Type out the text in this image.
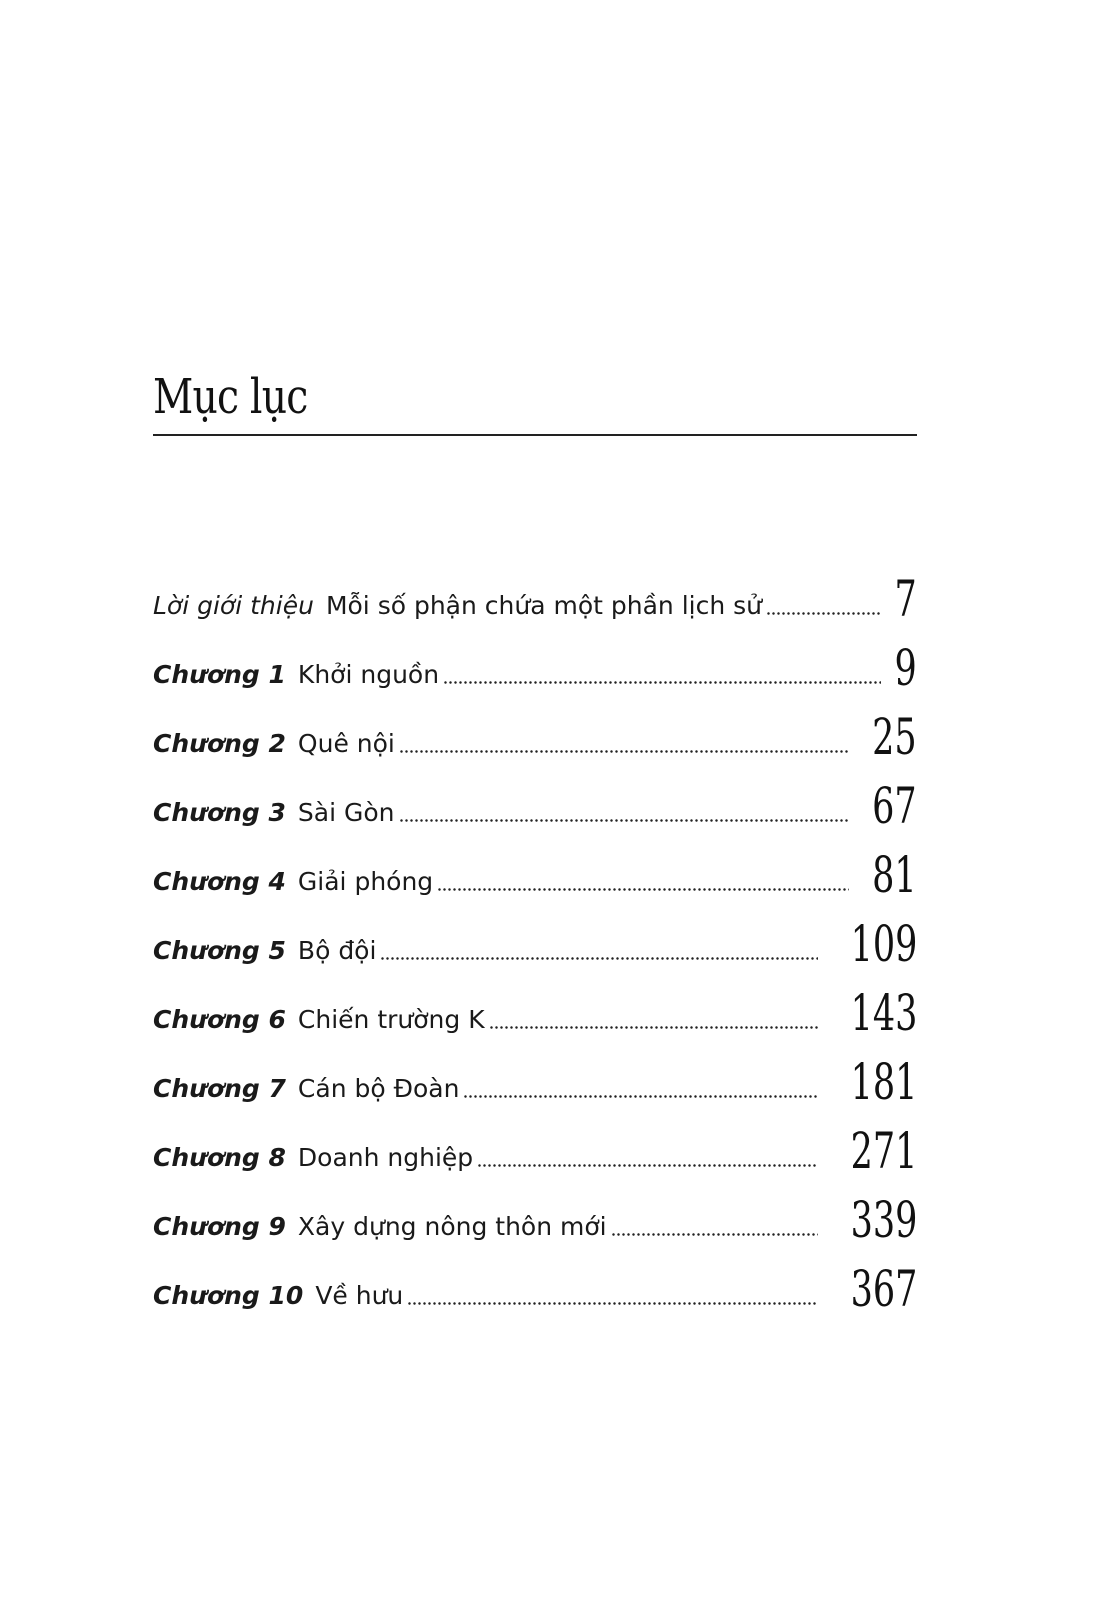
Mục lục
Lời giới thiệu Mỗi số phận chứa một phần lịch sử	7
Chương 1 Khởi nguồn	9
Chương 2 Quê nội	25
Chương 3 Sài Gòn	67
Chương 4 Giải phóng	81
Chương 5 Bộ đội	109
Chương 6 Chiến trường K	143
Chương 7 Cán bộ Đoàn	181
Chương 8 Doanh nghiệp	271
Chương 9 Xây dựng nông thôn mới	339
Chương 10 Về hưu	367
